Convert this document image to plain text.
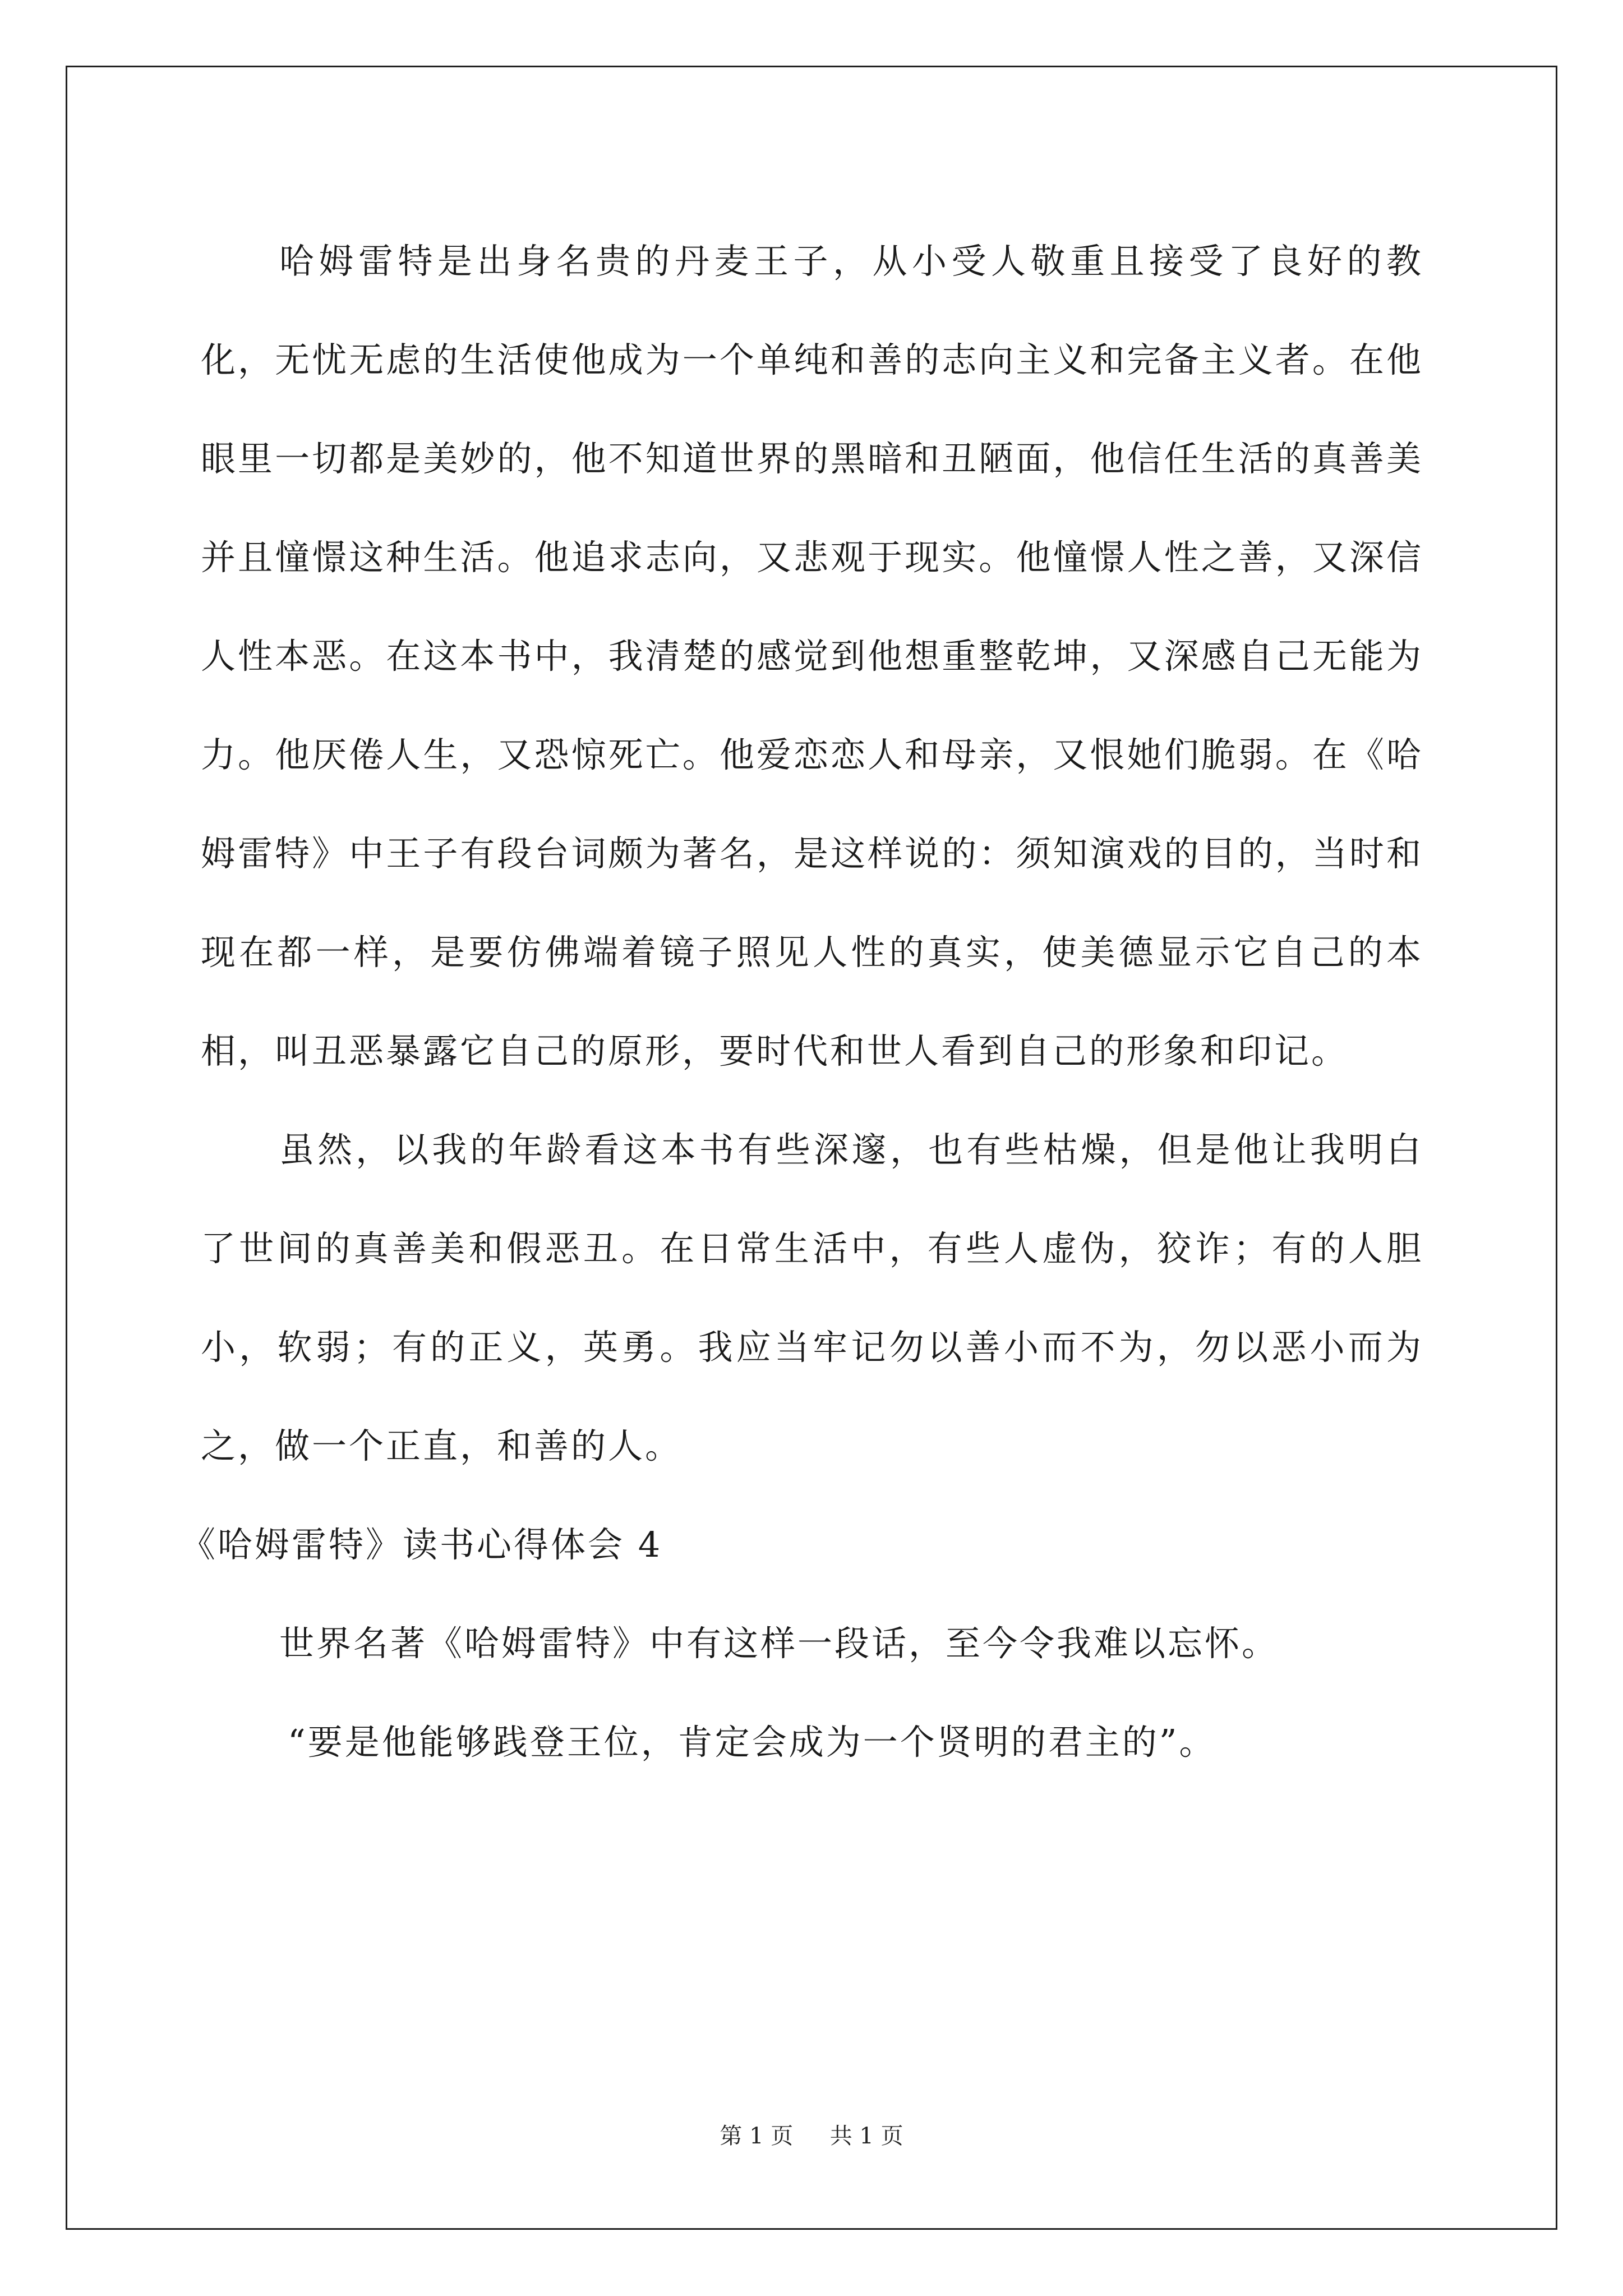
哈姆雷特是出身名贵的丹麦王子，从小受人敬重且接受了良好的教化，无忧无虑的生活使他成为一个单纯和善的志向主义和完备主义者。在他眼里一切都是美妙的，他不知道世界的黑暗和丑陋面，他信任生活的真善美并且憧憬这种生活。他追求志向，又悲观于现实。他憧憬人性之善，又深信人性本恶。在这本书中，我清楚的感觉到他想重整乾坤，又深感自己无能为力。他厌倦人生，又恐惊死亡。他爱恋恋人和母亲，又恨她们脆弱。在《哈姆雷特》中王子有段台词颇为著名，是这样说的：须知演戏的目的，当时和现在都一样，是要仿佛端着镜子照见人性的真实，使美德显示它自己的本相，叫丑恶暴露它自己的原形，要时代和世人看到自己的形象和印记。

虽然，以我的年龄看这本书有些深邃，也有些枯燥，但是他让我明白了世间的真善美和假恶丑。在日常生活中，有些人虚伪，狡诈；有的人胆小，软弱；有的正义，英勇。我应当牢记勿以善小而不为，勿以恶小而为之，做一个正直，和善的人。

《哈姆雷特》读书心得体会 4

世界名著《哈姆雷特》中有这样一段话，至今令我难以忘怀。

“要是他能够践登王位，肯定会成为一个贤明的君主的”。

第 1 页 共 1 页
